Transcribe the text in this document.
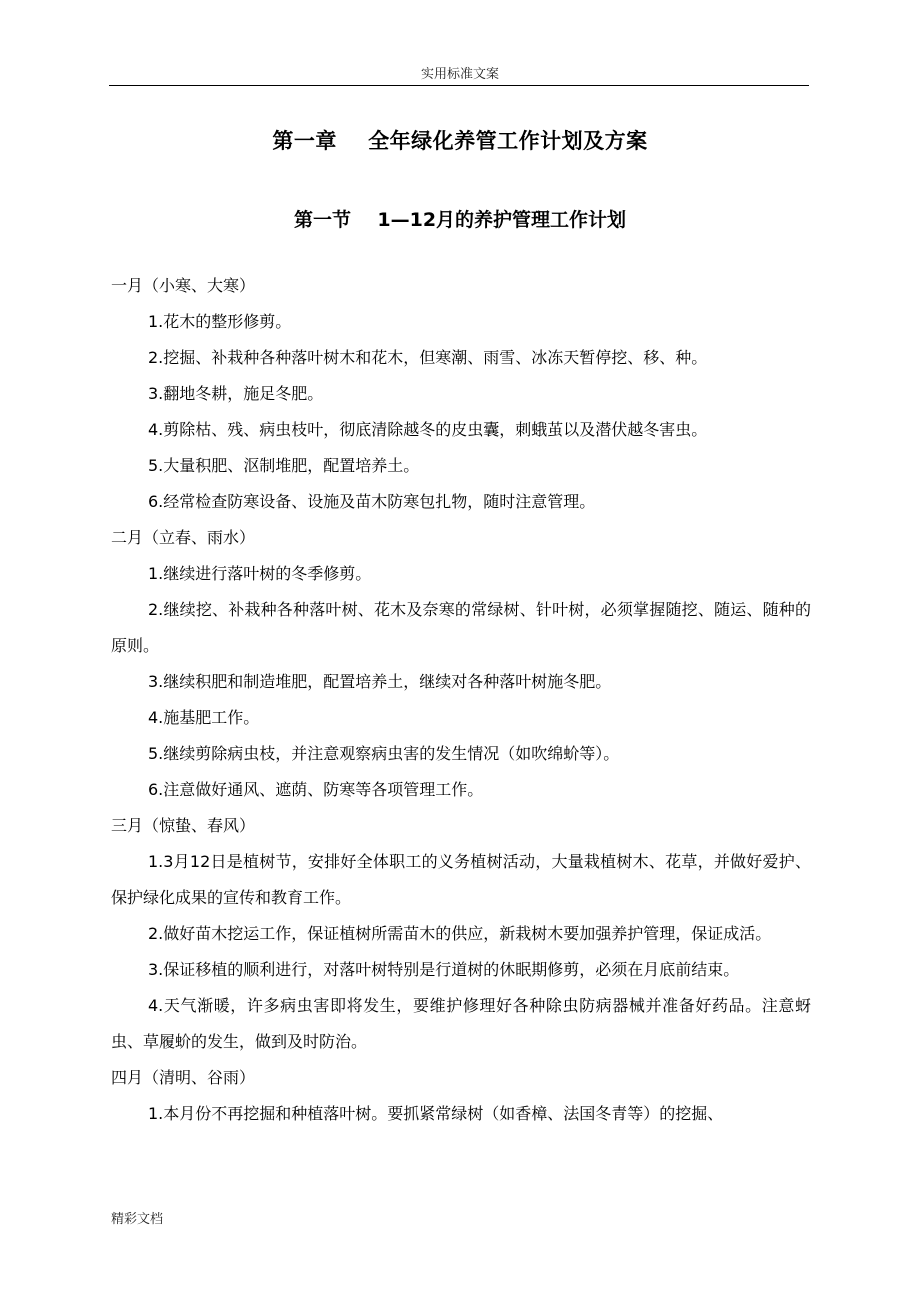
实用标准文案
第一章    全年绿化养管工作计划及方案
第一节    1—12月的养护管理工作计划

一月（小寒、大寒）

1.花木的整形修剪。

2.挖掘、补栽种各种落叶树木和花木，但寒潮、雨雪、冰冻天暂停挖、移、种。

3.翻地冬耕，施足冬肥。

4.剪除枯、残、病虫枝叶，彻底清除越冬的皮虫囊，刺蛾茧以及潜伏越冬害虫。

5.大量积肥、沤制堆肥，配置培养土。

6.经常检查防寒设备、设施及苗木防寒包扎物，随时注意管理。

二月（立春、雨水）

1.继续进行落叶树的冬季修剪。

2.继续挖、补栽种各种落叶树、花木及奈寒的常绿树、针叶树，必须掌握随挖、随运、随种的原则。

3.继续积肥和制造堆肥，配置培养土，继续对各种落叶树施冬肥。

4.施基肥工作。

5.继续剪除病虫枝，并注意观察病虫害的发生情况（如吹绵蚧等）。

6.注意做好通风、遮荫、防寒等各项管理工作。

三月（惊蛰、春风）

1.3月12日是植树节，安排好全体职工的义务植树活动，大量栽植树木、花草，并做好爱护、保护绿化成果的宣传和教育工作。

2.做好苗木挖运工作，保证植树所需苗木的供应，新栽树木要加强养护管理，保证成活。

3.保证移植的顺利进行，对落叶树特别是行道树的休眠期修剪，必须在月底前结束。

4.天气渐暖，许多病虫害即将发生，要维护修理好各种除虫防病器械并准备好药品。注意蚜虫、草履蚧的发生，做到及时防治。

四月（清明、谷雨）

1.本月份不再挖掘和种植落叶树。要抓紧常绿树（如香樟、法国冬青等）的挖掘、

精彩文档
